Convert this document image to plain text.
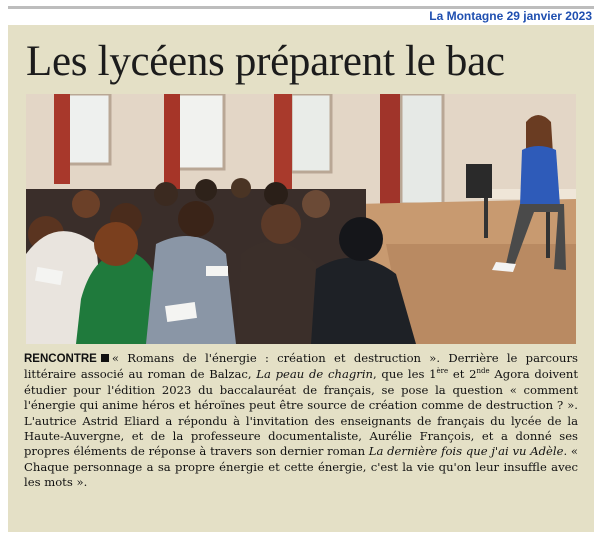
La Montagne 29 janvier 2023
Les lycéens préparent le bac

RENCONTRE « Romans de l'énergie : création et destruction ». Derrière le parcours littéraire associé au roman de Balzac, La peau de chagrin, que les 1ère et 2nde Agora doivent étudier pour l'édition 2023 du baccalauréat de français, se pose la question « comment l'énergie qui anime héros et héroïnes peut être source de création comme de destruction ? ». L'autrice Astrid Eliard a répondu à l'invitation des enseignants de français du lycée de la Haute-Auvergne, et de la professeure documentaliste, Aurélie François, et a donné ses propres éléments de réponse à travers son dernier roman La dernière fois que j'ai vu Adèle. « Chaque personnage a sa propre énergie et cette énergie, c'est la vie qu'on leur insuffle avec les mots ».
